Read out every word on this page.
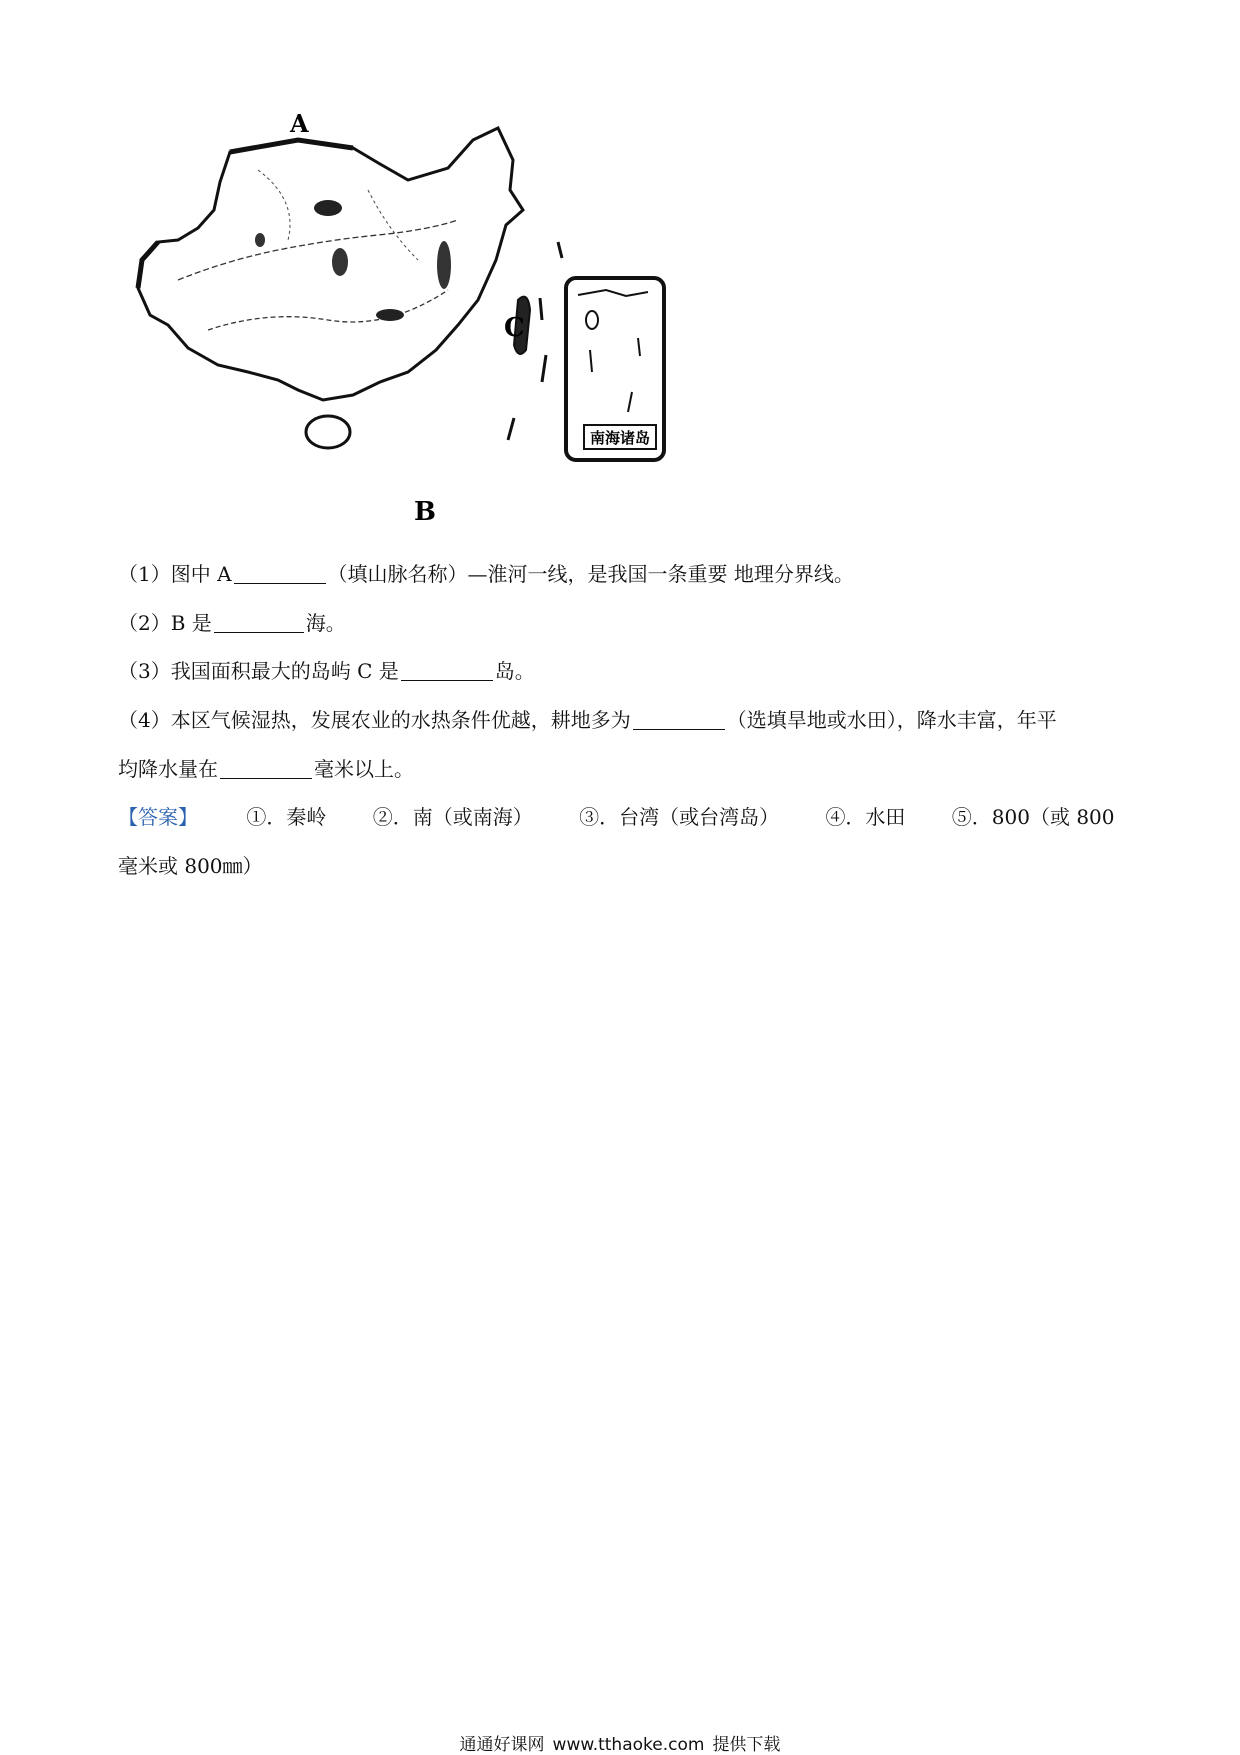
南海诸岛
A
B
C
（1）图中 A	（填山脉名称）—淮河一线，是我国一条重要 地理分界线。
（2）B 是	海。
（3）我国面积最大的岛屿 C 是	岛。
（4）本区气候湿热，发展农业的水热条件优越，耕地多为	（选填旱地或水田），降水丰富，年平
均降水量在	毫米以上。
【答案】 ①．秦岭 ②．南（或南海） ③．台湾（或台湾岛） ④．水田 ⑤．800（或 800
毫米或 800㎜）
通通好课网 www.tthaoke.com 提供下载
